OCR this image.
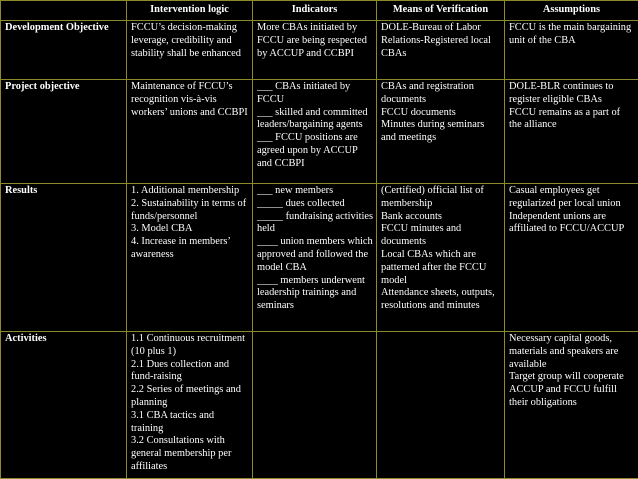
	Intervention logic	Indicators	Means of Verification	Assumptions
Development Objective	FCCU’s decision-making leverage, credibility and stability shall be enhanced	More CBAs initiated by FCCU are being respected by ACCUP and CCBPI	DOLE-Bureau of Labor Relations-Registered local CBAs	FCCU is the main bargaining unit of the CBA

Project objective	Maintenance of FCCU’s recognition vis-à-vis workers’ unions and CCBPI	___ CBAs initiated by FCCU
___ skilled and committed leaders/bargaining agents
___ FCCU positions are agreed upon by ACCUP and CCBPI	CBAs and registration documents
FCCU documents
Minutes during seminars and meetings	DOLE-BLR continues to register eligible CBAs
FCCU remains as a part of the alliance

Results	1. Additional membership
2. Sustainability in terms of funds/personnel
3. Model CBA
4. Increase in members’ awareness	___ new members
_____ dues collected
_____ fundraising activities held
____ union members which approved and followed the model CBA
____ members underwent leadership trainings and seminars	(Certified) official list of membership
Bank accounts
FCCU minutes and documents
Local CBAs which are patterned after the FCCU model
Attendance sheets, outputs, resolutions and minutes	Casual employees get regularized per local union
Independent unions are affiliated to FCCU/ACCUP

Activities	1.1 Continuous recruitment (10 plus 1)
2.1 Dues collection and fund-raising
2.2 Series of meetings and planning
3.1 CBA tactics and training
3.2 Consultations with general membership per affiliates			Necessary capital goods, materials and speakers are available
Target group will cooperate
ACCUP and FCCU fulfill their obligations
